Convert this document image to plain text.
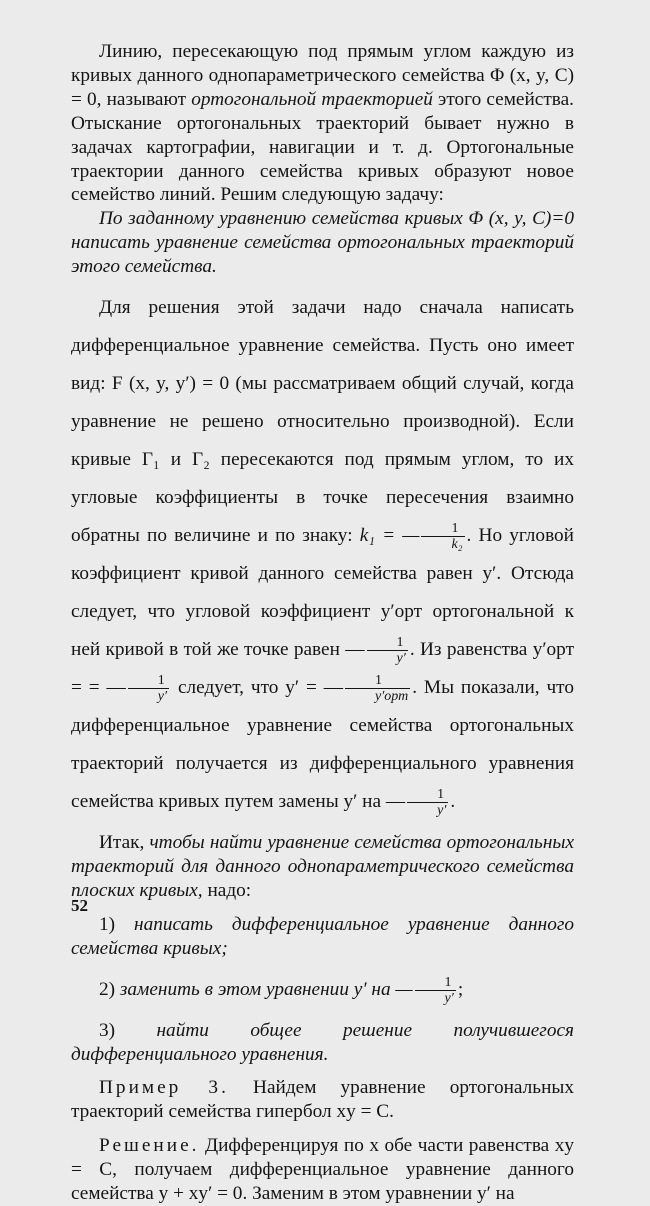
Линию, пересекающую под прямым углом каждую из кривых данного однопараметрического семейства Φ (x, y, C) = 0, называют ортогональной траекторией этого семейства. Отыскание ортогональных траекторий бывает нужно в задачах картографии, навигации и т. д. Ортогональные траектории данного семейства кривых образуют новое семейство линий. Решим следующую задачу:

По заданному уравнению семейства кривых Φ (x, y, C)=0 написать уравнение семейства ортогональных траекторий этого семейства.

Для решения этой задачи надо сначала написать дифференциальное уравнение семейства. Пусть оно имеет вид: F (x, y, y′) = 0 (мы рассматриваем общий случай, когда уравнение не решено относительно производной). Если кривые Γ₁ и Γ₂ пересекаются под прямым углом, то их угловые коэффициенты в точке пересечения взаимно обратны по величине и по знаку: k₁ = — $\frac{1}{\text{k₂}}$ . Но угловой коэффициент кривой данного семейства равен y′. Отсюда следует, что угловой коэффициент y′орт ортогональной к ней кривой в той же точке равен — $\frac{1}{y'}$ . Из равенства y′орт = = — $\frac{1}{y'}$ следует, что y′ = — $\frac{1}{\text{y′орт}}$ . Мы показали, что дифференциальное уравнение семейства ортогональных траекторий получается из дифференциального уравнения семейства кривых путем замены y′ на — $\frac{1}{y'}$ .

Итак, чтобы найти уравнение семейства ортогональных траекторий для данного однопараметрического семейства плоских кривых, надо:

1) написать дифференциальное уравнение данного семейства кривых;

2) заменить в этом уравнении y′ на — $\frac{1}{y'}$ ;

3) найти общее решение получившегося дифференциального уравнения.

Пример 3. Найдем уравнение ортогональных траекторий семейства гипербол xy = C.

Решение. Дифференцируя по x обе части равенства xy = C, получаем дифференциальное уравнение данного семейства y + xy′ = 0. Заменим в этом уравнении y′ на

52
